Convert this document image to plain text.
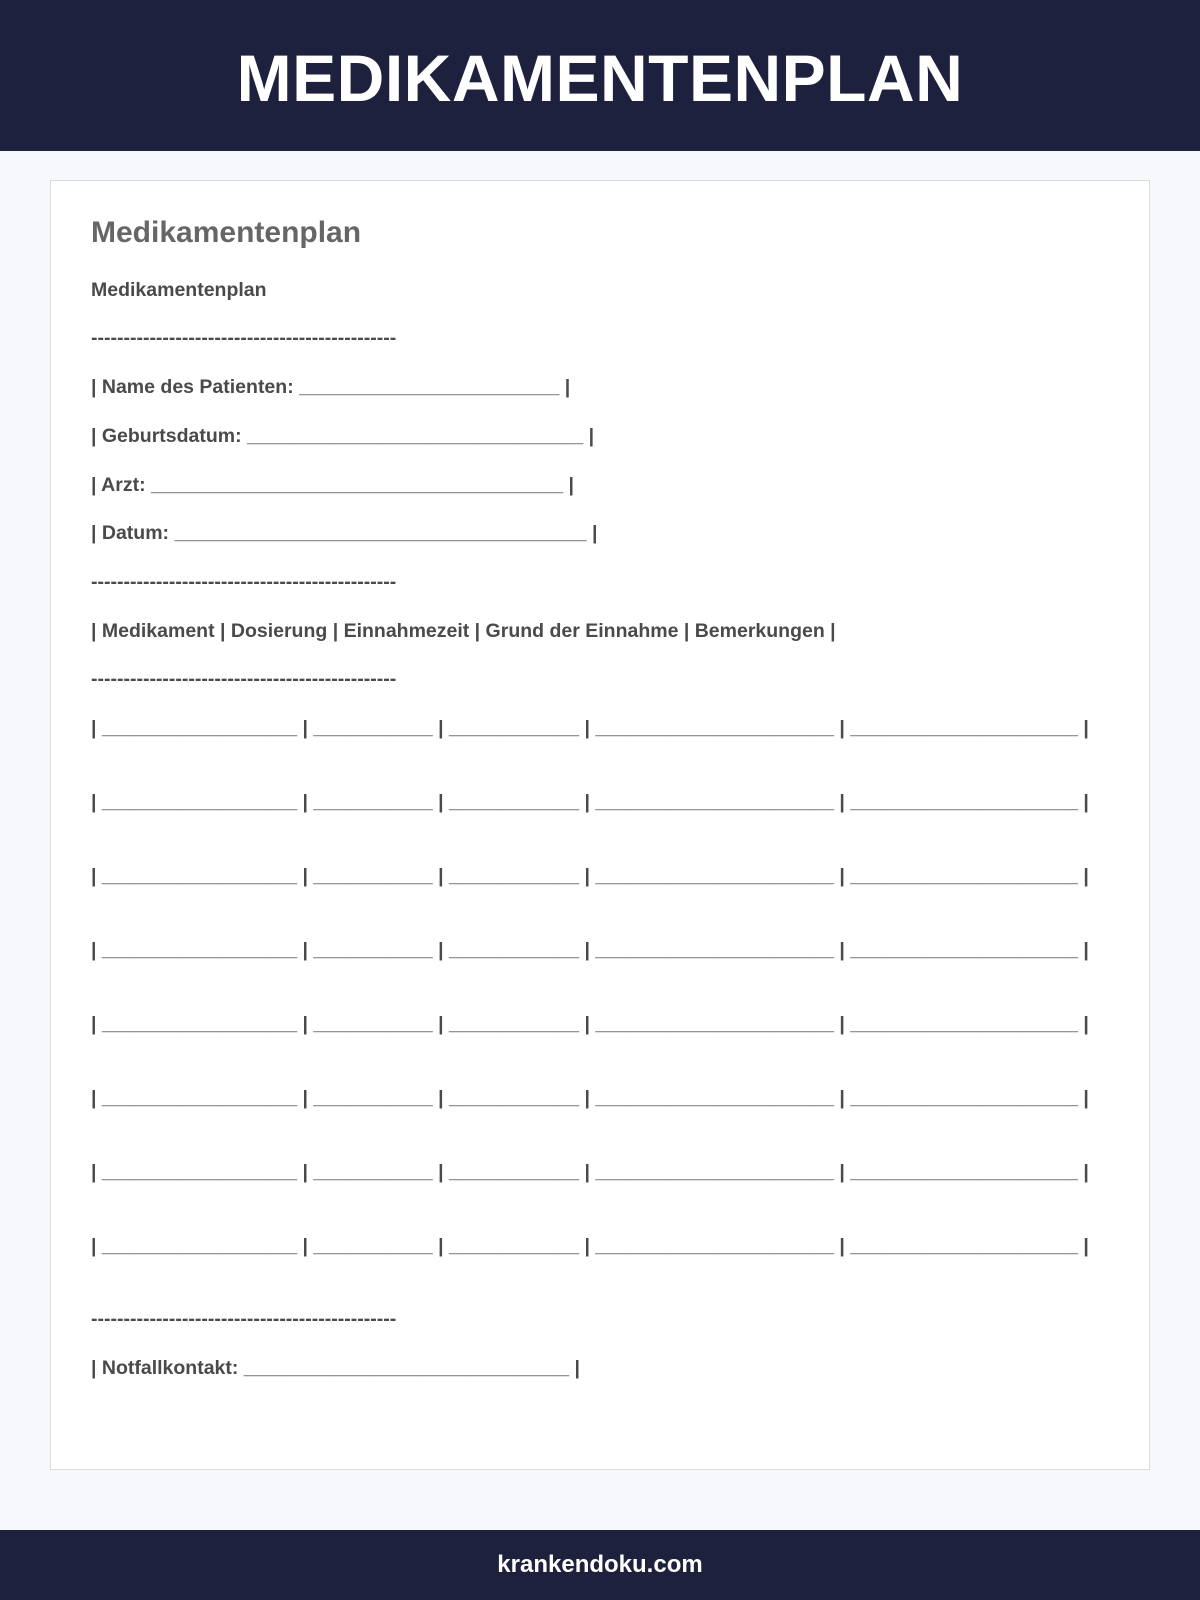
MEDIKAMENTENPLAN
Medikamentenplan

Medikamentenplan

-----------------------------------------------

| Name des Patienten: ________________________ |

| Geburtsdatum: _______________________________ |

| Arzt: ______________________________________ |

| Datum: ______________________________________ |

-----------------------------------------------

| Medikament | Dosierung | Einnahmezeit | Grund der Einnahme | Bemerkungen |

-----------------------------------------------

| __________________ | ___________ | ____________ | ______________________ | _____________________ |

| __________________ | ___________ | ____________ | ______________________ | _____________________ |

| __________________ | ___________ | ____________ | ______________________ | _____________________ |

| __________________ | ___________ | ____________ | ______________________ | _____________________ |

| __________________ | ___________ | ____________ | ______________________ | _____________________ |

| __________________ | ___________ | ____________ | ______________________ | _____________________ |

| __________________ | ___________ | ____________ | ______________________ | _____________________ |

| __________________ | ___________ | ____________ | ______________________ | _____________________ |

-----------------------------------------------

| Notfallkontakt: ______________________________ |

krankendoku.com
